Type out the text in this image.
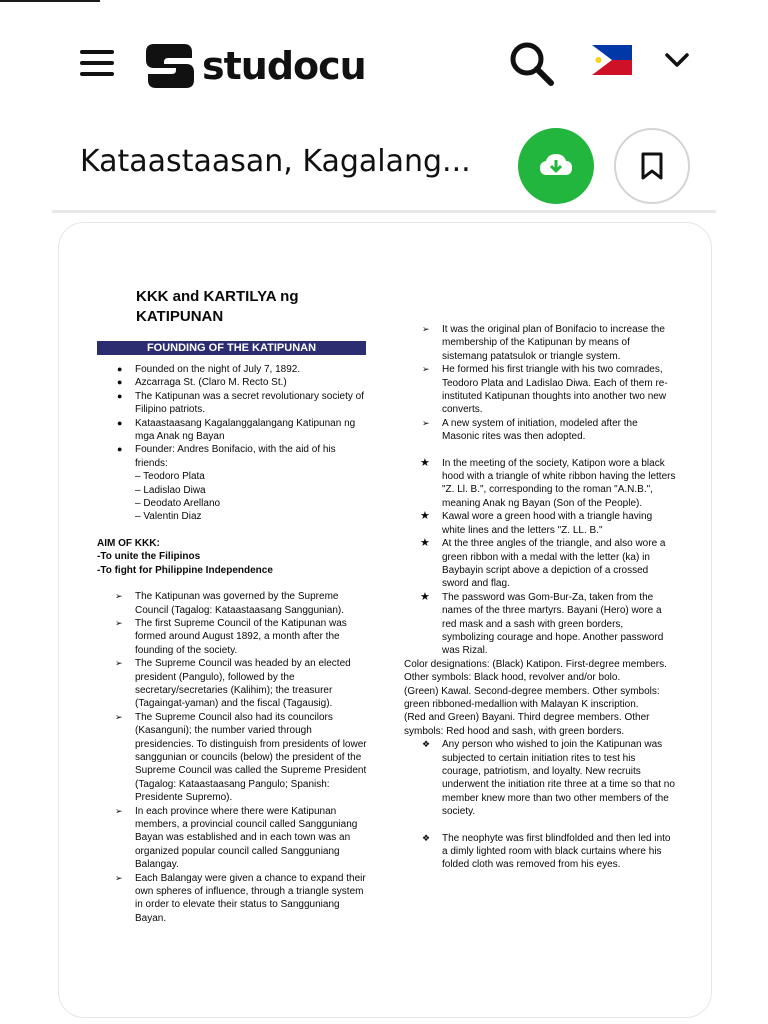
studocu
Kataastaasan, Kagalang...
KKK and KARTILYA ng KATIPUNAN
FOUNDING OF THE KATIPUNAN
● Founded on the night of July 7, 1892.
● Azcarraga St. (Claro M. Recto St.)
● The Katipunan was a secret revolutionary society of Filipino patriots.
● Kataastaasang Kagalanggalangang Katipunan ng mga Anak ng Bayan
● Founder: Andres Bonifacio, with the aid of his friends:
– Teodoro Plata
– Ladislao Diwa
– Deodato Arellano
– Valentin Diaz
AIM OF KKK:
-To unite the Filipinos
-To fight for Philippine Independence
➢ The Katipunan was governed by the Supreme Council (Tagalog: Kataastaasang Sanggunian).
➢ The first Supreme Council of the Katipunan was formed around August 1892, a month after the founding of the society.
➢ The Supreme Council was headed by an elected president (Pangulo), followed by the secretary/secretaries (Kalihim); the treasurer (Tagaingat-yaman) and the fiscal (Tagausig).
➢ The Supreme Council also had its councilors (Kasanguni); the number varied through presidencies. To distinguish from presidents of lower sanggunian or councils (below) the president of the Supreme Council was called the Supreme President (Tagalog: Kataastaasang Pangulo; Spanish: Presidente Supremo).
➢ In each province where there were Katipunan members, a provincial council called Sangguniang Bayan was established and in each town was an organized popular council called Sangguniang Balangay.
➢ Each Balangay were given a chance to expand their own spheres of influence, through a triangle system in order to elevate their status to Sangguniang Bayan.
➢ It was the original plan of Bonifacio to increase the membership of the Katipunan by means of sistemang patatsulok or triangle system.
➢ He formed his first triangle with his two comrades, Teodoro Plata and Ladislao Diwa. Each of them re-instituted Katipunan thoughts into another two new converts.
➢ A new system of initiation, modeled after the Masonic rites was then adopted.
★ In the meeting of the society, Katipon wore a black hood with a triangle of white ribbon having the letters "Z. Ll. B.", corresponding to the roman "A.N.B.", meaning Anak ng Bayan (Son of the People).
★ Kawal wore a green hood with a triangle having white lines and the letters "Z. LL. B."
★ At the three angles of the triangle, and also wore a green ribbon with a medal with the letter (ka) in Baybayin script above a depiction of a crossed sword and flag.
★ The password was Gom-Bur-Za, taken from the names of the three martyrs. Bayani (Hero) wore a red mask and a sash with green borders, symbolizing courage and hope. Another password was Rizal.
Color designations: (Black) Katipon. First-degree members. Other symbols: Black hood, revolver and/or bolo.
(Green) Kawal. Second-degree members. Other symbols: green ribboned-medallion with Malayan K inscription.
(Red and Green) Bayani. Third degree members. Other symbols: Red hood and sash, with green borders.
❖ Any person who wished to join the Katipunan was subjected to certain initiation rites to test his courage, patriotism, and loyalty. New recruits underwent the initiation rite three at a time so that no member knew more than two other members of the society.
❖ The neophyte was first blindfolded and then led into a dimly lighted room with black curtains where his folded cloth was removed from his eyes.
